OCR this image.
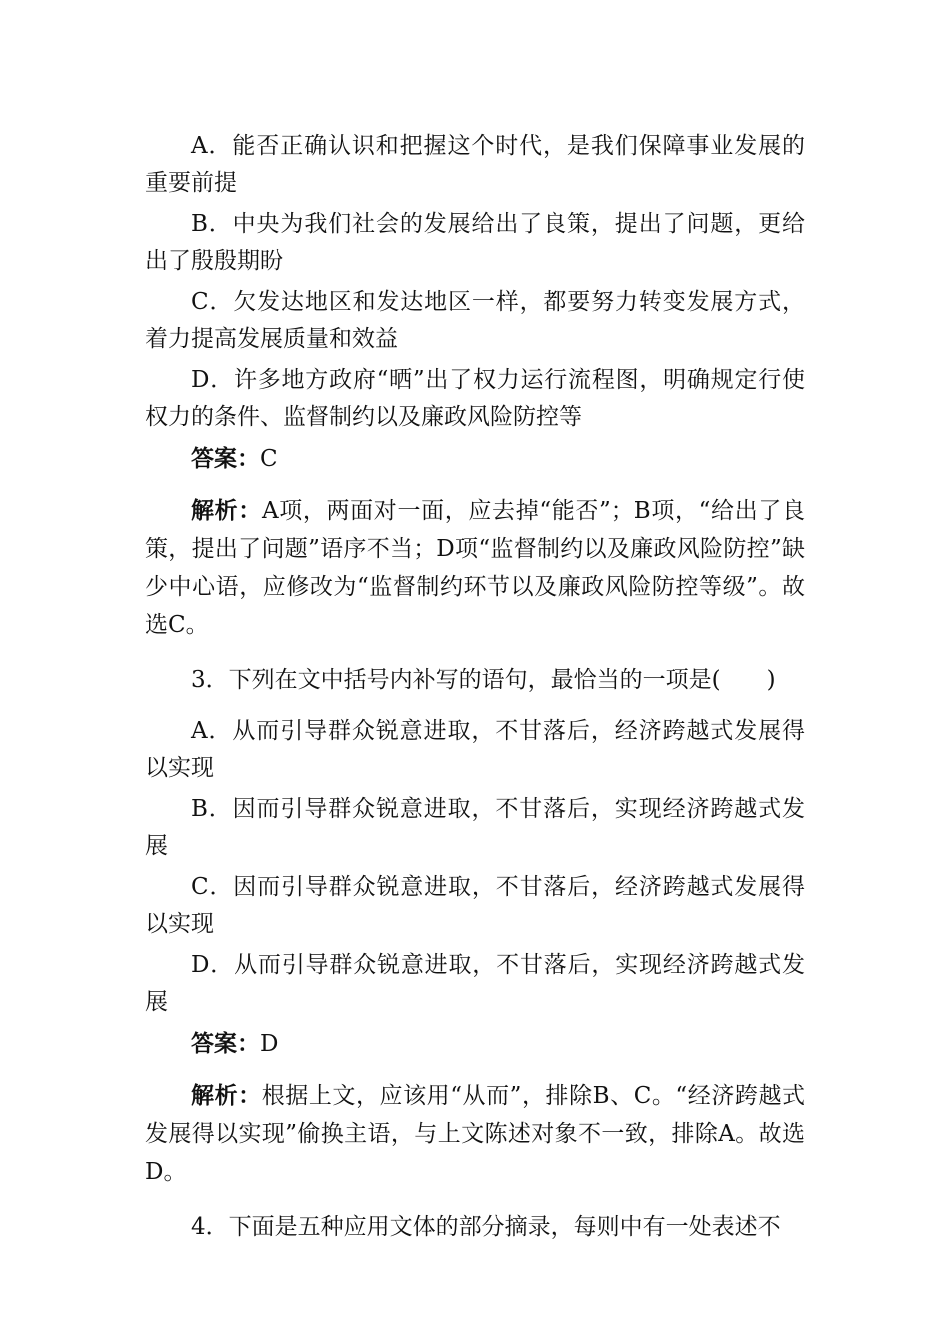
A．能否正确认识和把握这个时代，是我们保障事业发展的重要前提

B．中央为我们社会的发展给出了良策，提出了问题，更给出了殷殷期盼

C．欠发达地区和发达地区一样，都要努力转变发展方式，着力提高发展质量和效益

D．许多地方政府“晒”出了权力运行流程图，明确规定行使权力的条件、监督制约以及廉政风险防控等

答案：C

解析：A项，两面对一面，应去掉“能否”；B项，“给出了良策，提出了问题”语序不当；D项“监督制约以及廉政风险防控”缺少中心语，应修改为“监督制约环节以及廉政风险防控等级”。故选C。

3．下列在文中括号内补写的语句，最恰当的一项是(　　)

A．从而引导群众锐意进取，不甘落后，经济跨越式发展得以实现

B．因而引导群众锐意进取，不甘落后，实现经济跨越式发展

C．因而引导群众锐意进取，不甘落后，经济跨越式发展得以实现

D．从而引导群众锐意进取，不甘落后，实现经济跨越式发展

答案：D

解析：根据上文，应该用“从而”，排除B、C。“经济跨越式发展得以实现”偷换主语，与上文陈述对象不一致，排除A。故选D。

4．下面是五种应用文体的部分摘录，每则中有一处表述不
